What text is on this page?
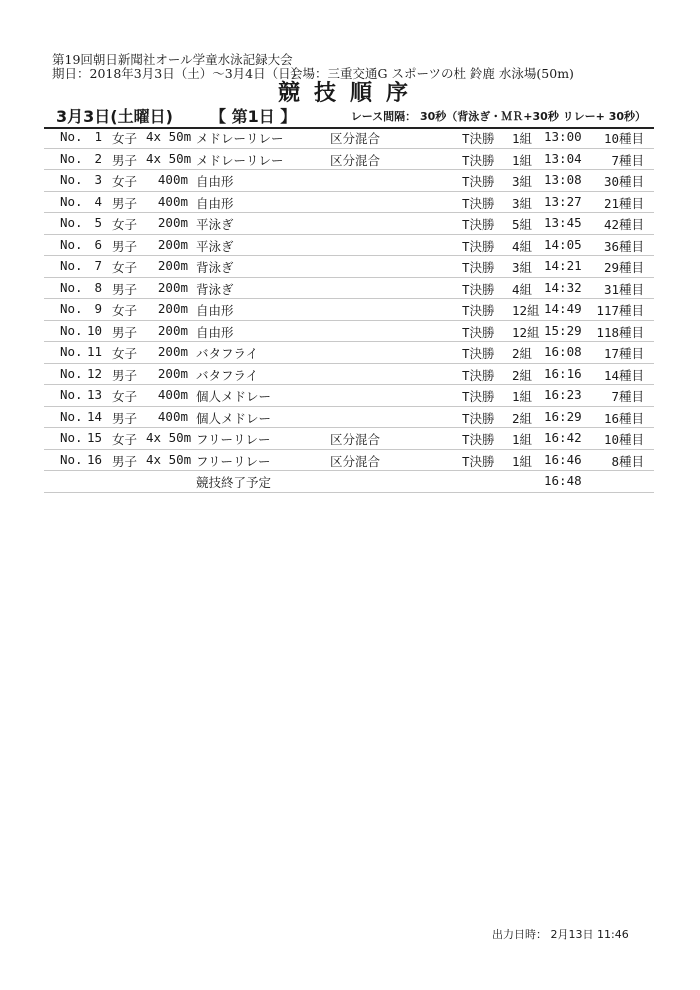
第19回朝日新聞社オール学童水泳記録大会
期日：2018年3月3日（土）～3月4日（日）
会場：三重交通G スポーツの杜 鈴鹿 水泳場(50m)
競技順序
3月3日(土曜日) 【 第1日 】	レース間隔： 30秒（背泳ぎ・ＭＲ+30秒 リレー+ 30秒）
No. 1 女子 4x 50m メドレーリレー	区分混合	T決勝 1組 13:00 10種目
No. 2 男子 4x 50m メドレーリレー	区分混合	T決勝 1組 13:04 7種目
No. 3 女子	400m 自由形	T決勝 3組 13:08 30種目
No. 4 男子	400m 自由形	T決勝 3組 13:27 21種目
No. 5 女子	200m 平泳ぎ	T決勝 5組 13:45 42種目
No. 6 男子	200m 平泳ぎ	T決勝 4組 14:05 36種目
No. 7 女子	200m 背泳ぎ	T決勝 3組 14:21 29種目
No. 8 男子	200m 背泳ぎ	T決勝 4組 14:32 31種目
No. 9 女子	200m 自由形	T決勝 12組 14:49 117種目
No. 10 男子	200m 自由形	T決勝 12組 15:29 118種目
No. 11 女子	200m バタフライ	T決勝 2組 16:08 17種目
No. 12 男子	200m バタフライ	T決勝 2組 16:16 14種目
No. 13 女子	400m 個人メドレー	T決勝 1組 16:23 7種目
No. 14 男子	400m 個人メドレー	T決勝 2組 16:29 16種目
No. 15 女子 4x 50m フリーリレー	区分混合	T決勝 1組 16:42 10種目
No. 16 男子 4x 50m フリーリレー	区分混合	T決勝 1組 16:46 8種目
競技終了予定	16:48
出力日時： 2月13日 11:46
